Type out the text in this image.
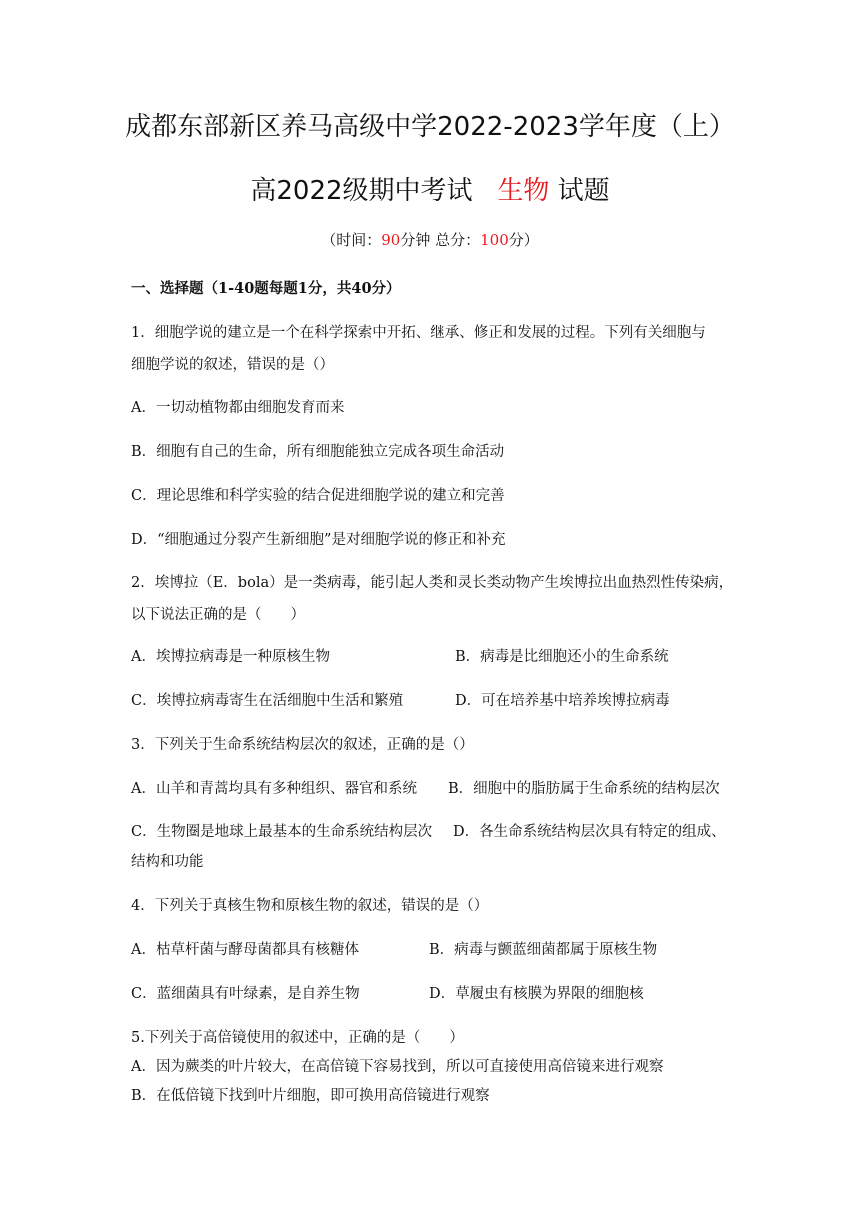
成都东部新区养马高级中学2022-2023学年度（上）
高2022级期中考试 生物 试题
（时间：90分钟 总分：100分）
一、选择题（1-40题每题1分，共40分）
1．细胞学说的建立是一个在科学探索中开拓、继承、修正和发展的过程。下列有关细胞与
细胞学说的叙述，错误的是（）
A．一切动植物都由细胞发育而来
B．细胞有自己的生命，所有细胞能独立完成各项生命活动
C．理论思维和科学实验的结合促进细胞学说的建立和完善
D．“细胞通过分裂产生新细胞”是对细胞学说的修正和补充
2．埃博拉（E．bola）是一类病毒，能引起人类和灵长类动物产生埃博拉出血热烈性传染病，
以下说法正确的是（　　）
A．埃博拉病毒是一种原核生物	B．病毒是比细胞还小的生命系统
C．埃博拉病毒寄生在活细胞中生活和繁殖	D．可在培养基中培养埃博拉病毒
3．下列关于生命系统结构层次的叙述，正确的是（）
A．山羊和青蒿均具有多种组织、器官和系统 B．细胞中的脂肪属于生命系统的结构层次
C．生物圈是地球上最基本的生命系统结构层次 D．各生命系统结构层次具有特定的组成、
结构和功能
4．下列关于真核生物和原核生物的叙述，错误的是（）
A．枯草杆菌与酵母菌都具有核糖体	B．病毒与颤蓝细菌都属于原核生物
C．蓝细菌具有叶绿素，是自养生物	D．草履虫有核膜为界限的细胞核
5.下列关于高倍镜使用的叙述中，正确的是（　　）
A．因为蕨类的叶片较大，在高倍镜下容易找到，所以可直接使用高倍镜来进行观察
B．在低倍镜下找到叶片细胞，即可换用高倍镜进行观察
